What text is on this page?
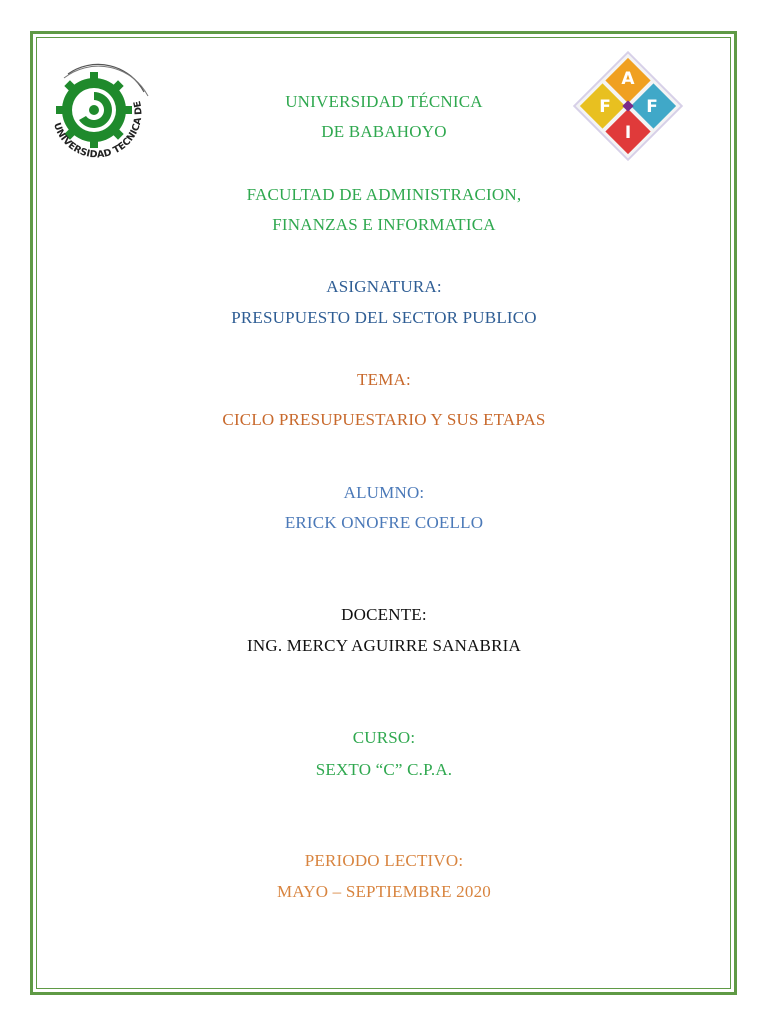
UNIVERSIDAD TECNICA DE
A
F F
I
UNIVERSIDAD TÉCNICA
DE BABAHOYO
FACULTAD DE ADMINISTRACION,
FINANZAS E INFORMATICA
ASIGNATURA:
PRESUPUESTO DEL SECTOR PUBLICO
TEMA:
CICLO PRESUPUESTARIO Y SUS ETAPAS
ALUMNO:
ERICK ONOFRE COELLO
DOCENTE:
ING. MERCY AGUIRRE SANABRIA
CURSO:
SEXTO “C” C.P.A.
PERIODO LECTIVO:
MAYO – SEPTIEMBRE 2020
